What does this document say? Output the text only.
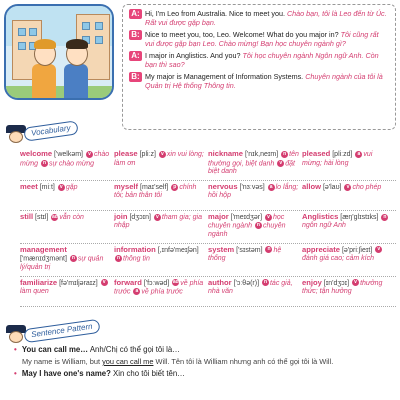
A: Hi, I'm Leo from Australia. Nice to meet you. Chào bạn, tôi là Leo đến từ Úc. Rất vui được gặp bạn.
B: Nice to meet you, too, Leo. Welcome! What do you major in? Tôi cũng rất vui được gặp bạn Leo. Chào mừng! Bạn học chuyên ngành gì?
A: I major in Anglistics. And you? Tôi học chuyên ngành Ngôn ngữ Anh. Còn bạn thì sao?
B: My major is Management of Information Systems. Chuyên ngành của tôi là Quản trị Hệ thống Thông tin.
Vocabulary
welcome ['welkəm] v chào mừng n sự chào mừng
please [pliːz] v xin vui lòng; làm ơn
nickname ['nɪk,neɪm] n tên thường gọi, biệt danh v đặt biệt danh
pleased [pliːzd] a vui mừng; hài lòng
meet [miːt] v gặp	myself [maɪ'self] p chính tôi; bản thân tôi
nervous ['nɜːvəs] a lo lắng; hồi hộp
allow [ə'laʊ] v cho phép
still [stɪl] ad vẫn còn	join [dʒɔɪn] v tham gia; gia nhập
major ['meɪdʒər] v học chuyên ngành n chuyên ngành
Anglistics [æŋ'glɪstɪks] nngôn ngữ Anh
management ['mænɪdʒmənt] n sự quản lý/quản trị
information [,ɪnfə'meɪʃən] n thông tin
system ['sɪstəm] n hệ thống
appreciate [ə'priːʃieɪt] vđánh giá cao; cảm kích
familiarize [fə'mɪljəraɪz] vlàm quen
forward ['fɔːwəd] ad về phía trước a về phía trước
author ['ɔːθə(r)] n tác giả, nhà văn
enjoy [ɪn'dʒɔɪ] v thưởng thức; tận hưởng
Sentence Pattern
• You can call me… Anh/Chị có thể gọi tôi là…
My name is William, but you can call me Will. Tên tôi là William nhưng anh có thể gọi tôi là Will.
• May I have one's name? Xin cho tôi biết tên…
